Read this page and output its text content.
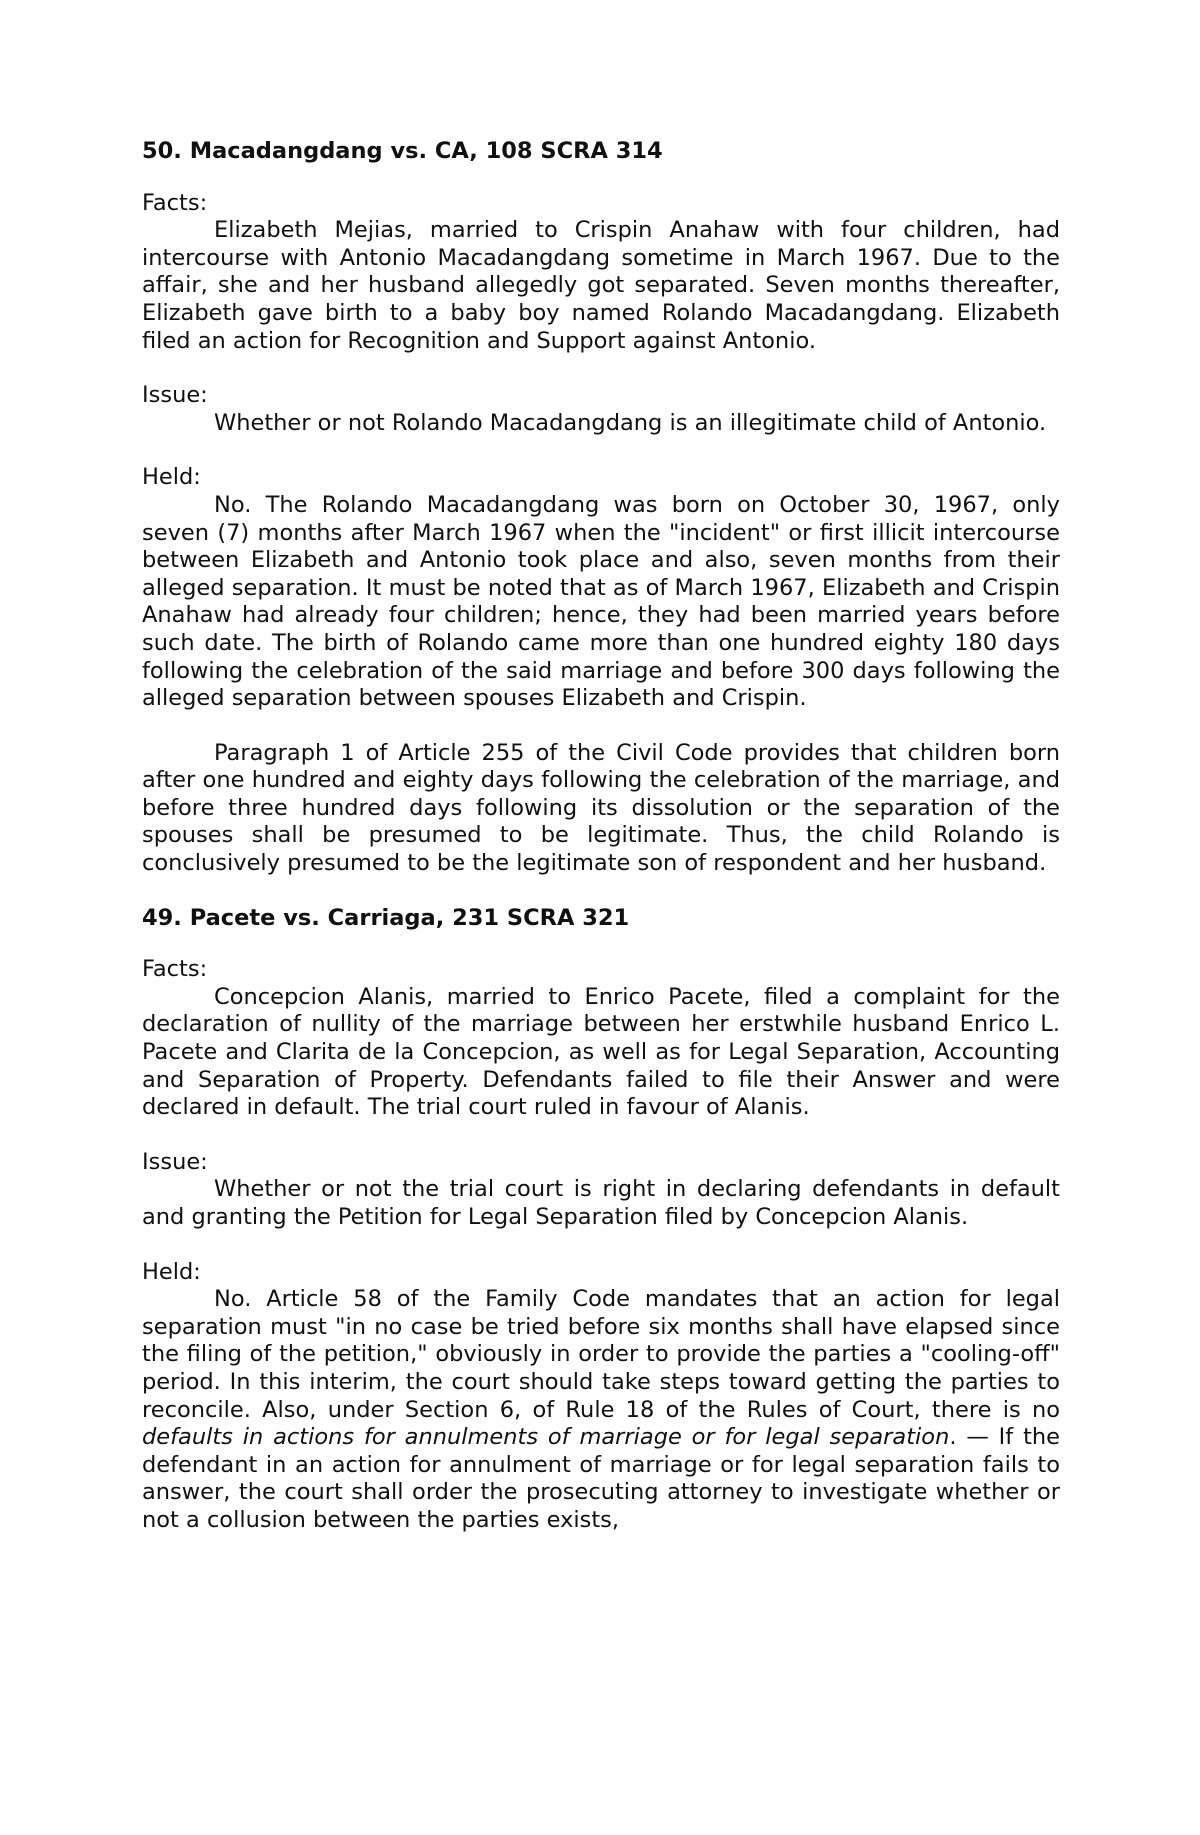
50. Macadangdang vs. CA, 108 SCRA 314

Facts:

Elizabeth Mejias, married to Crispin Anahaw with four children, had intercourse with Antonio Macadangdang sometime in March 1967. Due to the affair, she and her husband allegedly got separated. Seven months thereafter, Elizabeth gave birth to a baby boy named Rolando Macadangdang. Elizabeth filed an action for Recognition and Support against Antonio.

Issue:

Whether or not Rolando Macadangdang is an illegitimate child of Antonio.

Held:

No. The Rolando Macadangdang was born on October 30, 1967, only seven (7) months after March 1967 when the "incident" or first illicit intercourse between Elizabeth and Antonio took place and also, seven months from their alleged separation. It must be noted that as of March 1967, Elizabeth and Crispin Anahaw had already four children; hence, they had been married years before such date. The birth of Rolando came more than one hundred eighty 180 days following the celebration of the said marriage and before 300 days following the alleged separation between spouses Elizabeth and Crispin.

Paragraph 1 of Article 255 of the Civil Code provides that children born after one hundred and eighty days following the celebration of the marriage, and before three hundred days following its dissolution or the separation of the spouses shall be presumed to be legitimate. Thus, the child Rolando is conclusively presumed to be the legitimate son of respondent and her husband.

49. Pacete vs. Carriaga, 231 SCRA 321

Facts:

Concepcion Alanis, married to Enrico Pacete, filed a complaint for the declaration of nullity of the marriage between her erstwhile husband Enrico L. Pacete and Clarita de la Concepcion, as well as for Legal Separation, Accounting and Separation of Property. Defendants failed to file their Answer and were declared in default. The trial court ruled in favour of Alanis.

Issue:

Whether or not the trial court is right in declaring defendants in default and granting the Petition for Legal Separation filed by Concepcion Alanis.

Held:

No. Article 58 of the Family Code mandates that an action for legal separation must "in no case be tried before six months shall have elapsed since the filing of the petition," obviously in order to provide the parties a "cooling-off" period. In this interim, the court should take steps toward getting the parties to reconcile. Also, under Section 6, of Rule 18 of the Rules of Court, there is no defaults in actions for annulments of marriage or for legal separation. — If the defendant in an action for annulment of marriage or for legal separation fails to answer, the court shall order the prosecuting attorney to investigate whether or not a collusion between the parties exists,
